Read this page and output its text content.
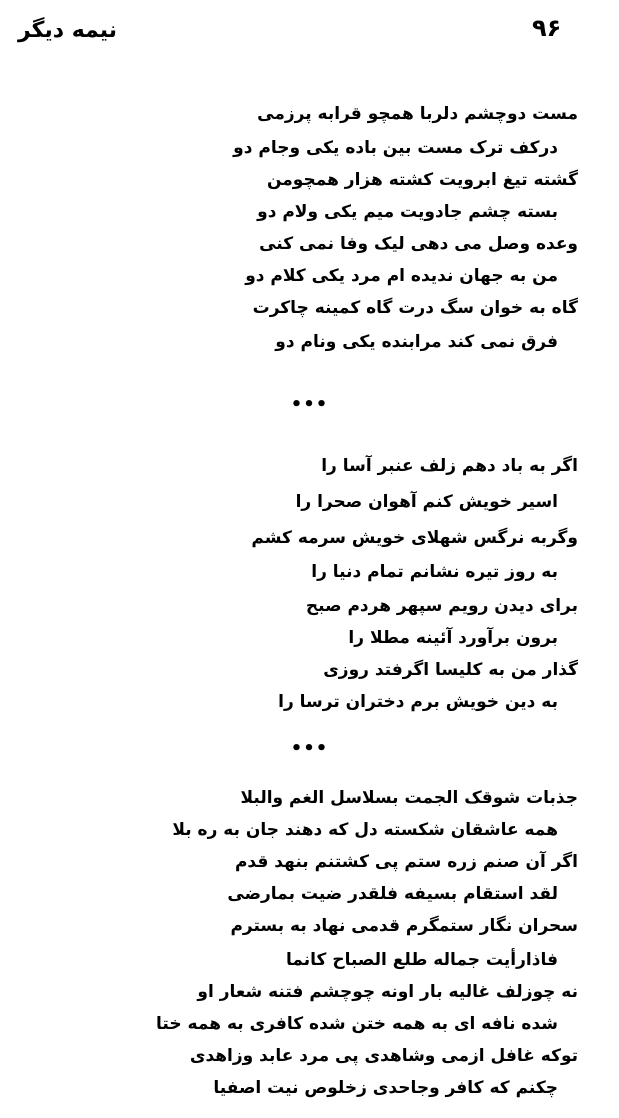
نیمه دیگر	۹۶
مست دوچشم دلربا همچو قرابه پرزمی
درکف ترک مست بین باده یکی وجام دو
گشته تیغ ابرویت کشته هزار همچومن
بسته چشم جادویت میم یکی ولام دو
وعده وصل می دهی لیک وفا نمی کنی
من به جهان ندیده ام مرد یکی کلام دو
گاه به خوان سگ درت گاه کمینه چاکرت
فرق نمی کند مرابنده یکی ونام دو
•••
اگر به باد دهم زلف عنبر آسا را
اسیر خویش کنم آهوان صحرا را
وگربه نرگس شهلای خویش سرمه کشم
به روز تیره نشانم تمام دنیا را
برای دیدن رویم سپهر هردم صبح
برون برآورد آئینه مطلا را
گذار من به کلیسا اگرفتد روزی
به دین خویش برم دختران ترسا را
•••
جذبات شوقک الجمت بسلاسل الغم والبلا
همه عاشقان شکسته دل که دهند جان به ره بلا
اگر آن صنم زره ستم پی کشتنم بنهد قدم
لقد استقام بسیفه فلقدر ضیت بمارضی
سحران نگار ستمگرم قدمی نهاد به بسترم
فاذارأیت جماله طلع الصباح کانما
نه چوزلف غالیه بار اونه چوچشم فتنه شعار او
شده نافه ای به همه ختن شده کافری به همه ختا
توکه غافل ازمی وشاهدی پی مرد عابد وزاهدی
چکنم که کافر وجاحدی زخلوص نیت اصفیا
